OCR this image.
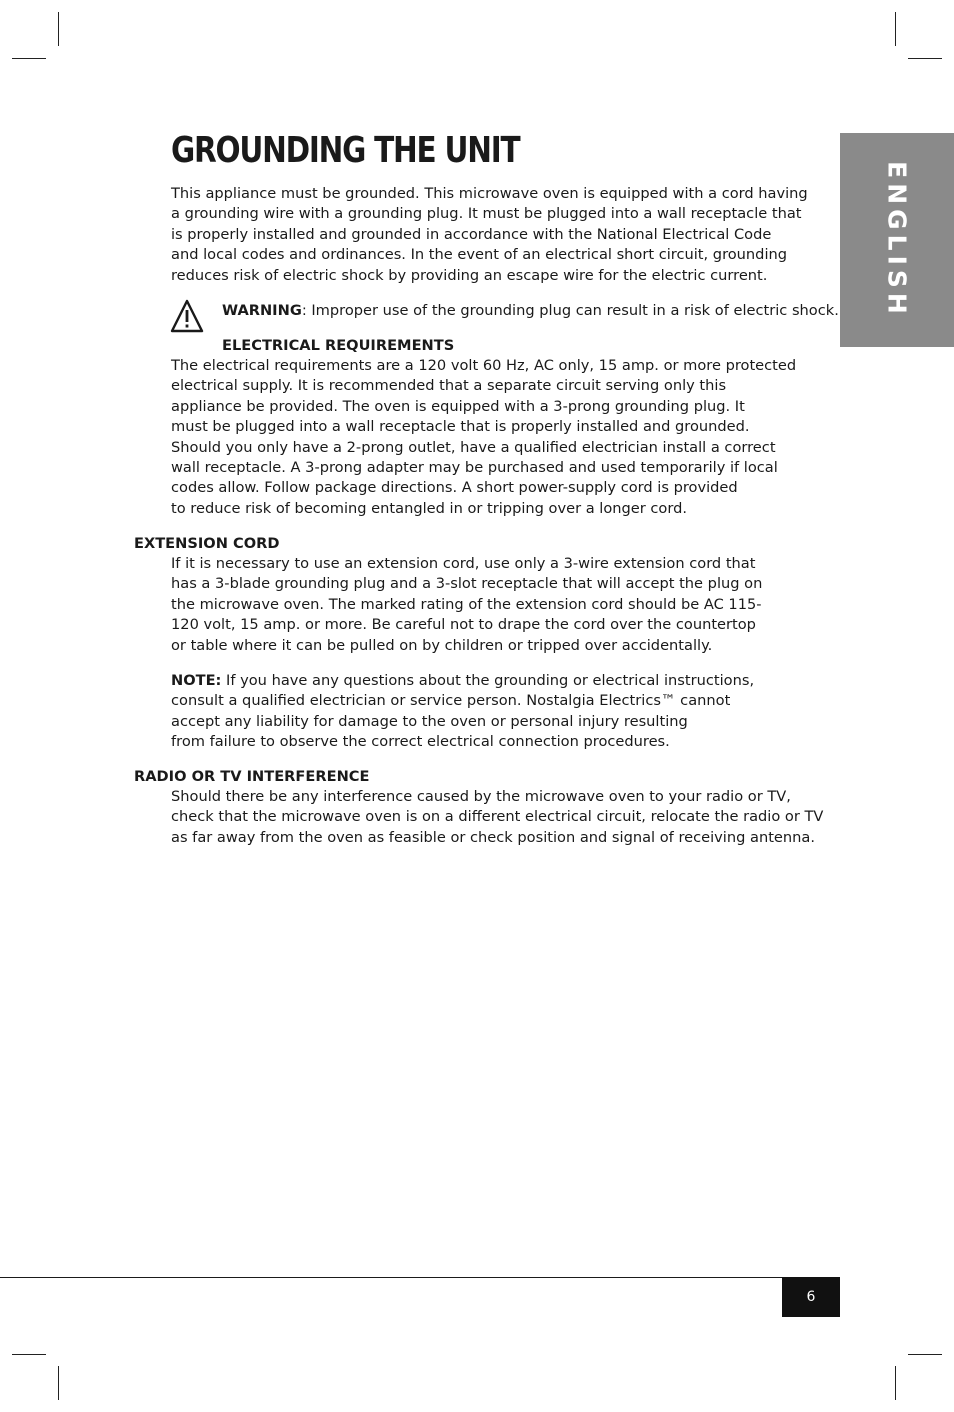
ENGLISH
GROUNDING THE UNIT

This appliance must be grounded. This microwave oven is equipped with a cord having
a grounding wire with a grounding plug. It must be plugged into a wall receptacle that
is properly installed and grounded in accordance with the National Electrical Code
and local codes and ordinances. In the event of an electrical short circuit, grounding
reduces risk of electric shock by providing an escape wire for the electric current.

WARNING: Improper use of the grounding plug can result in a risk of electric shock.

ELECTRICAL REQUIREMENTS

The electrical requirements are a 120 volt 60 Hz, AC only, 15 amp. or more protected
electrical supply. It is recommended that a separate circuit serving only this
appliance be provided. The oven is equipped with a 3-prong grounding plug. It
must be plugged into a wall receptacle that is properly installed and grounded.
Should you only have a 2-prong outlet, have a qualified electrician install a correct
wall receptacle. A 3-prong adapter may be purchased and used temporarily if local
codes allow. Follow package directions. A short power-supply cord is provided
to reduce risk of becoming entangled in or tripping over a longer cord.

EXTENSION CORD

If it is necessary to use an extension cord, use only a 3-wire extension cord that
has a 3-blade grounding plug and a 3-slot receptacle that will accept the plug on
the microwave oven. The marked rating of the extension cord should be AC 115-
120 volt, 15 amp. or more. Be careful not to drape the cord over the countertop
or table where it can be pulled on by children or tripped over accidentally.

NOTE: If you have any questions about the grounding or electrical instructions,
consult a qualified electrician or service person. Nostalgia Electrics™ cannot
accept any liability for damage to the oven or personal injury resulting
from failure to observe the correct electrical connection procedures.

RADIO OR TV INTERFERENCE

Should there be any interference caused by the microwave oven to your radio or TV,
check that the microwave oven is on a different electrical circuit, relocate the radio or TV
as far away from the oven as feasible or check position and signal of receiving antenna.

6
